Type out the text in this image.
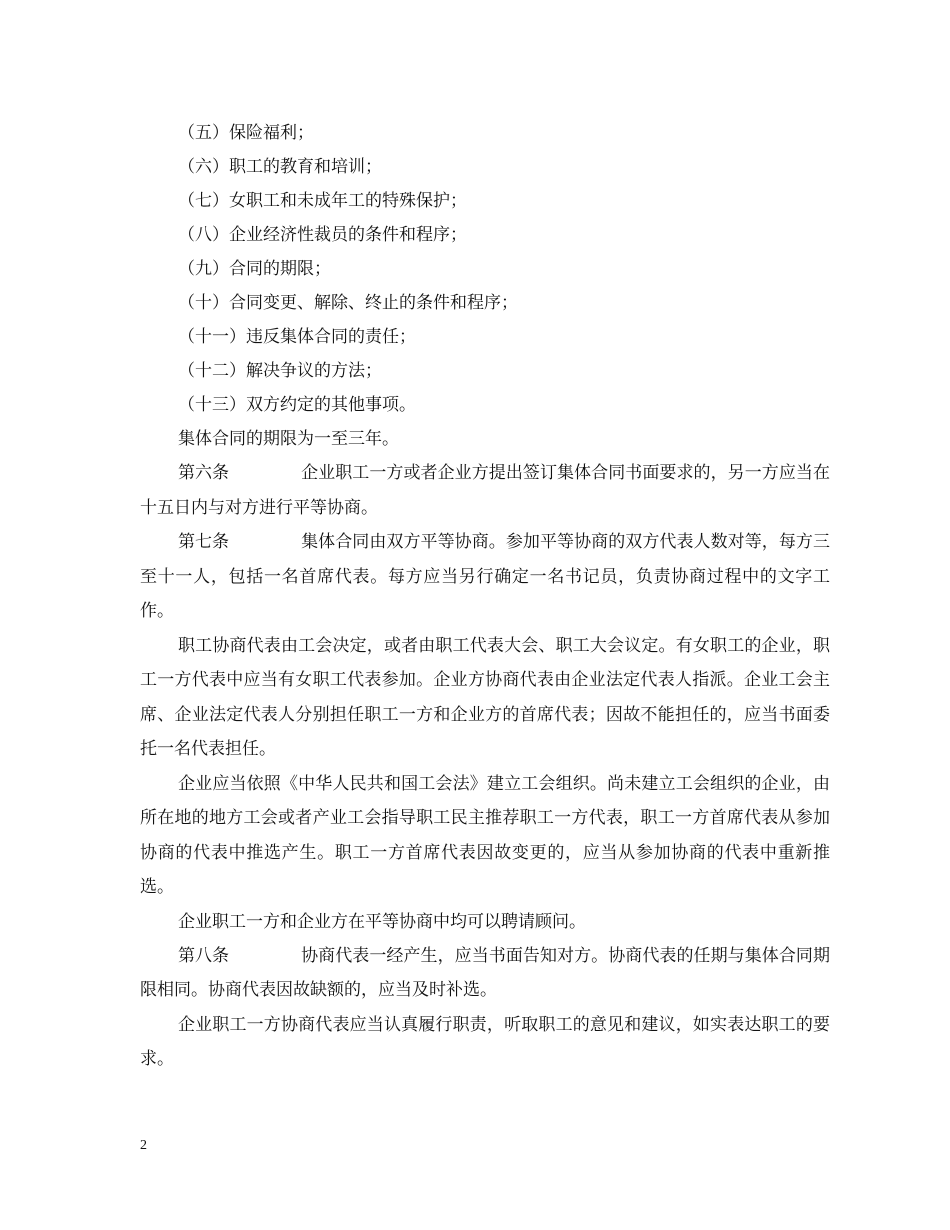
（五）保险福利；
（六）职工的教育和培训；
（七）女职工和未成年工的特殊保护；
（八）企业经济性裁员的条件和程序；
（九）合同的期限；
（十）合同变更、解除、终止的条件和程序；
（十一）违反集体合同的责任；
（十二）解决争议的方法；
（十三）双方约定的其他事项。

集体合同的期限为一至三年。

第六条	企业职工一方或者企业方提出签订集体合同书面要求的，另一方应当在十五日内与对方进行平等协商。

第七条	集体合同由双方平等协商。参加平等协商的双方代表人数对等，每方三至十一人，包括一名首席代表。每方应当另行确定一名书记员，负责协商过程中的文字工作。

职工协商代表由工会决定，或者由职工代表大会、职工大会议定。有女职工的企业，职工一方代表中应当有女职工代表参加。企业方协商代表由企业法定代表人指派。企业工会主席、企业法定代表人分别担任职工一方和企业方的首席代表；因故不能担任的，应当书面委托一名代表担任。

企业应当依照《中华人民共和国工会法》建立工会组织。尚未建立工会组织的企业，由所在地的地方工会或者产业工会指导职工民主推荐职工一方代表，职工一方首席代表从参加协商的代表中推选产生。职工一方首席代表因故变更的，应当从参加协商的代表中重新推选。

企业职工一方和企业方在平等协商中均可以聘请顾问。

第八条	协商代表一经产生，应当书面告知对方。协商代表的任期与集体合同期限相同。协商代表因故缺额的，应当及时补选。

企业职工一方协商代表应当认真履行职责，听取职工的意见和建议，如实表达职工的要求。

2
